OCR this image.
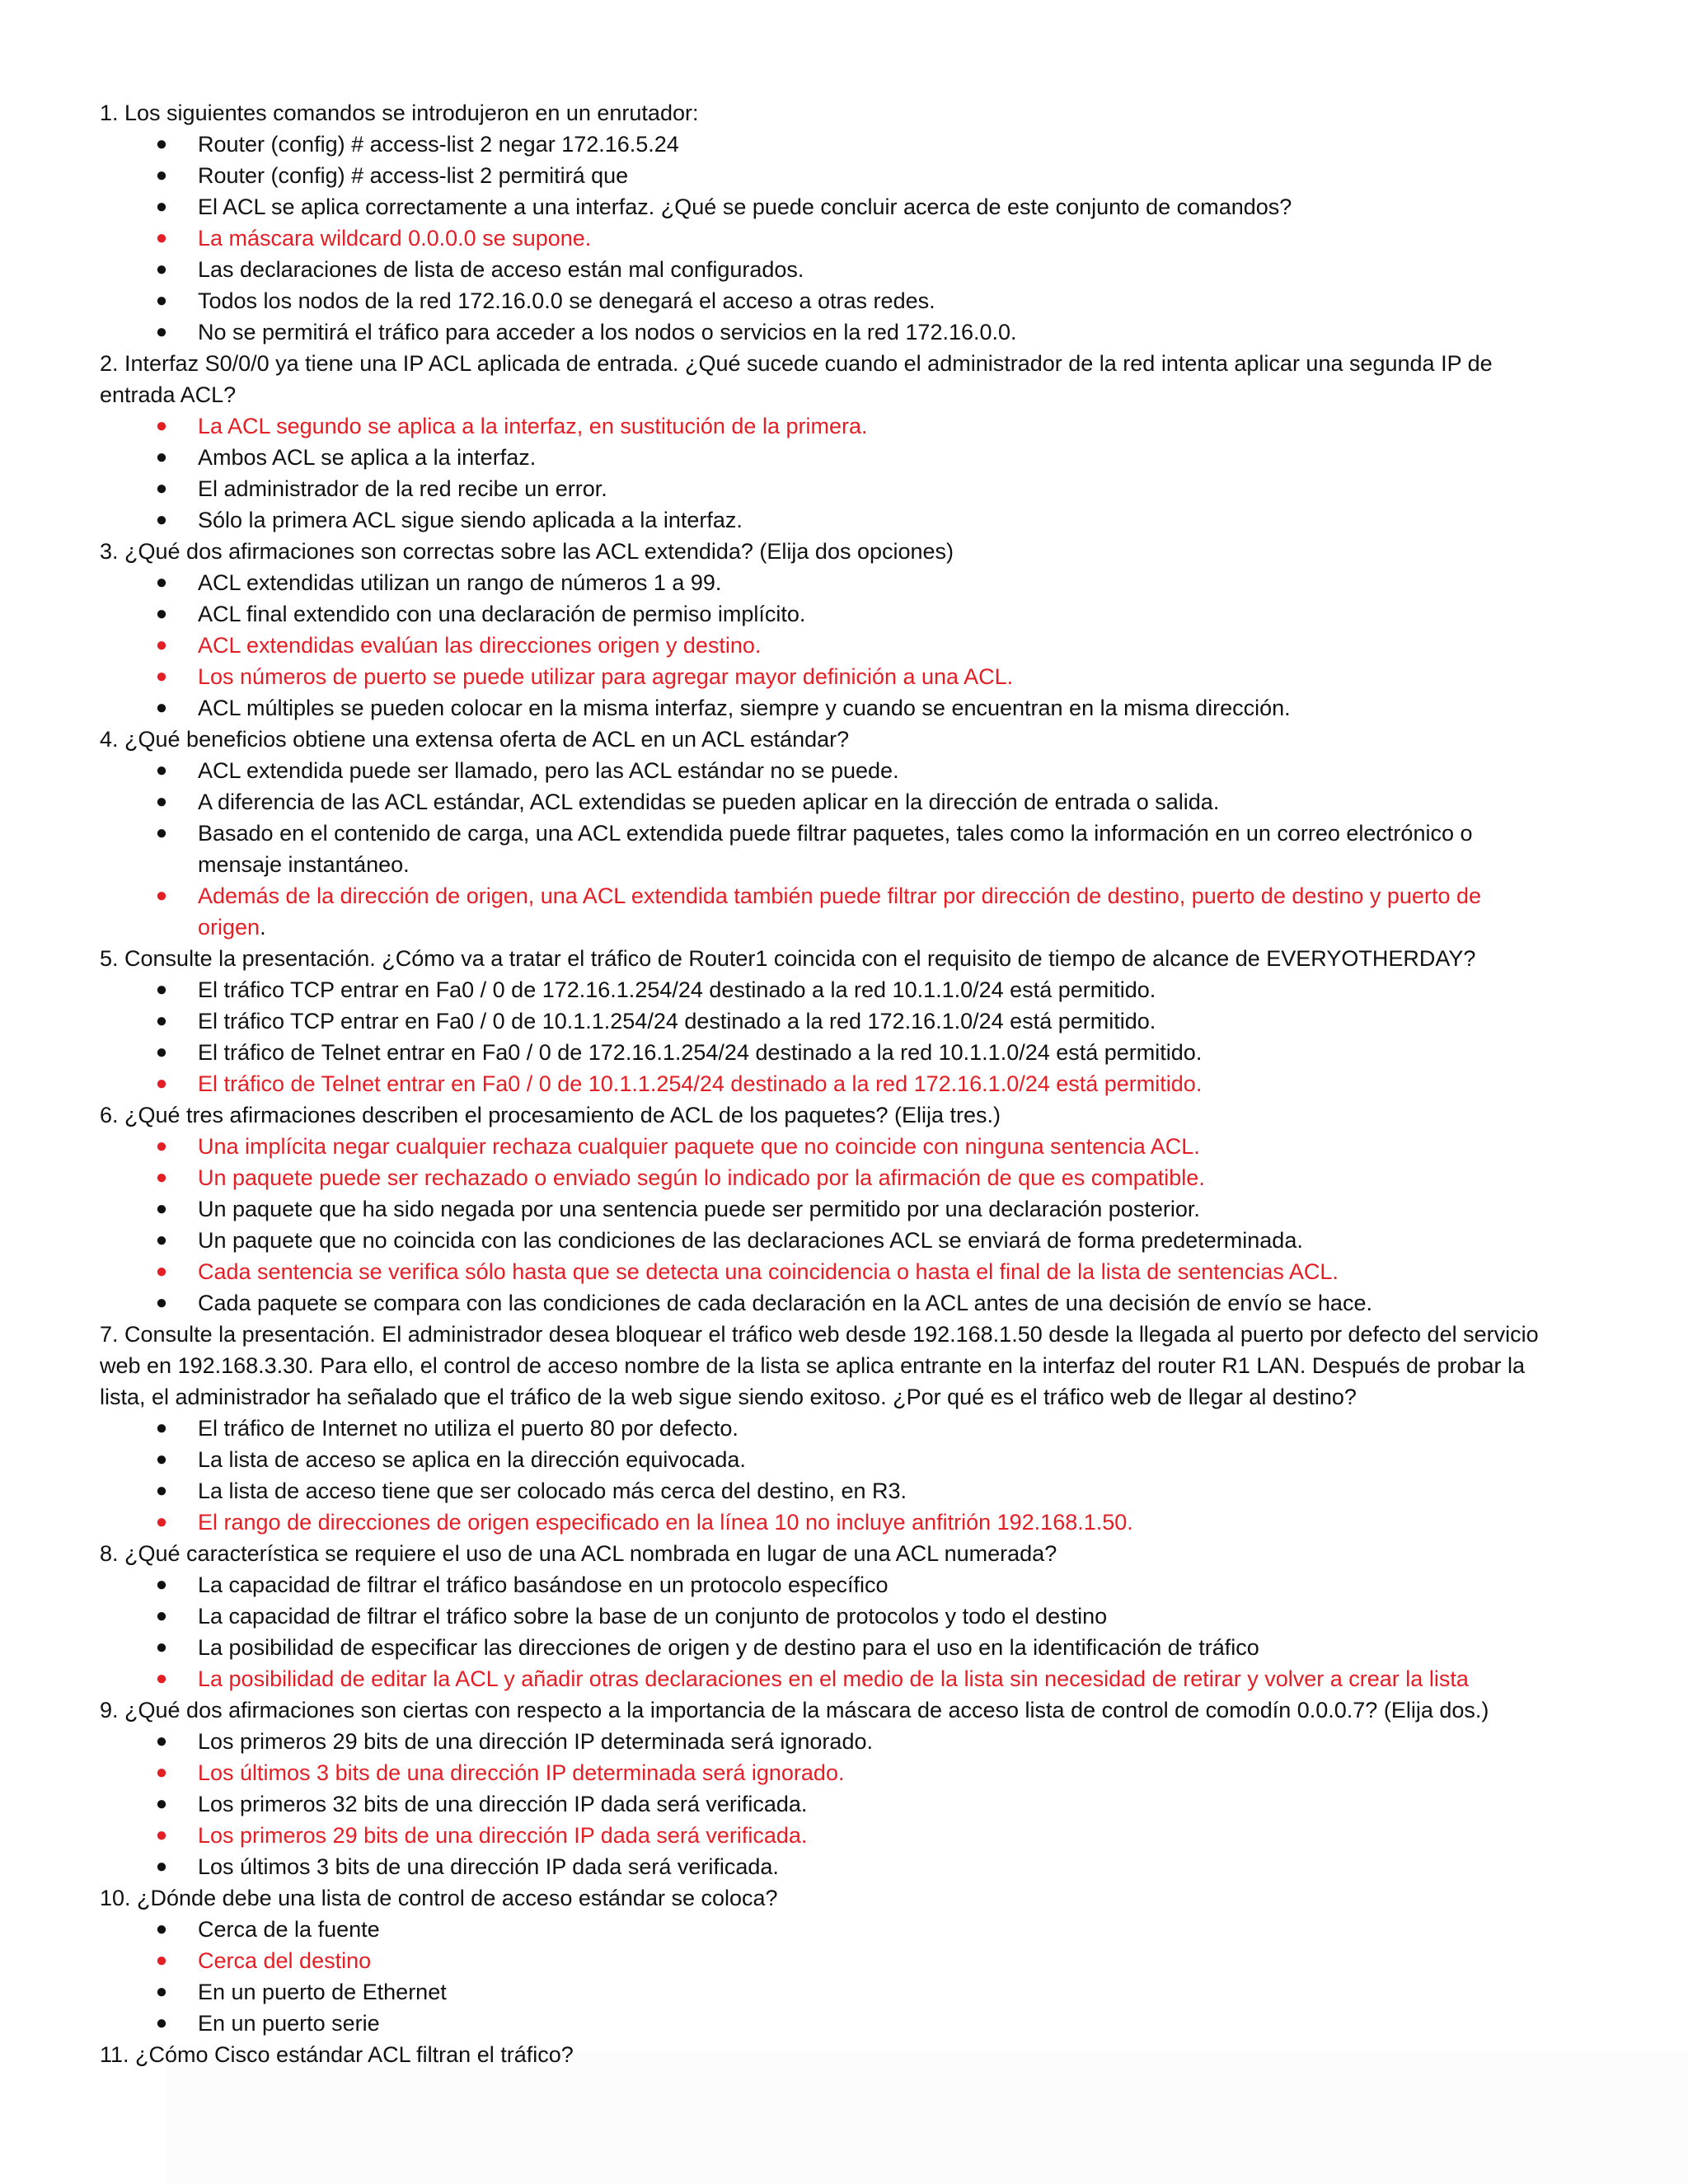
1. Los siguientes comandos se introdujeron en un enrutador:
● Router (config) # access-list 2 negar 172.16.5.24
● Router (config) # access-list 2 permitirá que
● El ACL se aplica correctamente a una interfaz. ¿Qué se puede concluir acerca de este conjunto de comandos?
● La máscara wildcard 0.0.0.0 se supone.
● Las declaraciones de lista de acceso están mal configurados.
● Todos los nodos de la red 172.16.0.0 se denegará el acceso a otras redes.
● No se permitirá el tráfico para acceder a los nodos o servicios en la red 172.16.0.0.
2. Interfaz S0/0/0 ya tiene una IP ACL aplicada de entrada. ¿Qué sucede cuando el administrador de la red intenta aplicar una segunda IP de
entrada ACL?
● La ACL segundo se aplica a la interfaz, en sustitución de la primera.
● Ambos ACL se aplica a la interfaz.
● El administrador de la red recibe un error.
● Sólo la primera ACL sigue siendo aplicada a la interfaz.
3. ¿Qué dos afirmaciones son correctas sobre las ACL extendida? (Elija dos opciones)
● ACL extendidas utilizan un rango de números 1 a 99.
● ACL final extendido con una declaración de permiso implícito.
● ACL extendidas evalúan las direcciones origen y destino.
● Los números de puerto se puede utilizar para agregar mayor definición a una ACL.
● ACL múltiples se pueden colocar en la misma interfaz, siempre y cuando se encuentran en la misma dirección.
4. ¿Qué beneficios obtiene una extensa oferta de ACL en un ACL estándar?
● ACL extendida puede ser llamado, pero las ACL estándar no se puede.
● A diferencia de las ACL estándar, ACL extendidas se pueden aplicar en la dirección de entrada o salida.
● Basado en el contenido de carga, una ACL extendida puede filtrar paquetes, tales como la información en un correo electrónico o
mensaje instantáneo.
● Además de la dirección de origen, una ACL extendida también puede filtrar por dirección de destino, puerto de destino y puerto de
origen.
5. Consulte la presentación. ¿Cómo va a tratar el tráfico de Router1 coincida con el requisito de tiempo de alcance de EVERYOTHERDAY?
● El tráfico TCP entrar en Fa0 / 0 de 172.16.1.254/24 destinado a la red 10.1.1.0/24 está permitido.
● El tráfico TCP entrar en Fa0 / 0 de 10.1.1.254/24 destinado a la red 172.16.1.0/24 está permitido.
● El tráfico de Telnet entrar en Fa0 / 0 de 172.16.1.254/24 destinado a la red 10.1.1.0/24 está permitido.
● El tráfico de Telnet entrar en Fa0 / 0 de 10.1.1.254/24 destinado a la red 172.16.1.0/24 está permitido.
6. ¿Qué tres afirmaciones describen el procesamiento de ACL de los paquetes? (Elija tres.)
● Una implícita negar cualquier rechaza cualquier paquete que no coincide con ninguna sentencia ACL.
● Un paquete puede ser rechazado o enviado según lo indicado por la afirmación de que es compatible.
● Un paquete que ha sido negada por una sentencia puede ser permitido por una declaración posterior.
● Un paquete que no coincida con las condiciones de las declaraciones ACL se enviará de forma predeterminada.
● Cada sentencia se verifica sólo hasta que se detecta una coincidencia o hasta el final de la lista de sentencias ACL.
● Cada paquete se compara con las condiciones de cada declaración en la ACL antes de una decisión de envío se hace.
7. Consulte la presentación. El administrador desea bloquear el tráfico web desde 192.168.1.50 desde la llegada al puerto por defecto del servicio
web en 192.168.3.30. Para ello, el control de acceso nombre de la lista se aplica entrante en la interfaz del router R1 LAN. Después de probar la
lista, el administrador ha señalado que el tráfico de la web sigue siendo exitoso. ¿Por qué es el tráfico web de llegar al destino?
● El tráfico de Internet no utiliza el puerto 80 por defecto.
● La lista de acceso se aplica en la dirección equivocada.
● La lista de acceso tiene que ser colocado más cerca del destino, en R3.
● El rango de direcciones de origen especificado en la línea 10 no incluye anfitrión 192.168.1.50.
8. ¿Qué característica se requiere el uso de una ACL nombrada en lugar de una ACL numerada?
● La capacidad de filtrar el tráfico basándose en un protocolo específico
● La capacidad de filtrar el tráfico sobre la base de un conjunto de protocolos y todo el destino
● La posibilidad de especificar las direcciones de origen y de destino para el uso en la identificación de tráfico
● La posibilidad de editar la ACL y añadir otras declaraciones en el medio de la lista sin necesidad de retirar y volver a crear la lista
9. ¿Qué dos afirmaciones son ciertas con respecto a la importancia de la máscara de acceso lista de control de comodín 0.0.0.7? (Elija dos.)
● Los primeros 29 bits de una dirección IP determinada será ignorado.
● Los últimos 3 bits de una dirección IP determinada será ignorado.
● Los primeros 32 bits de una dirección IP dada será verificada.
● Los primeros 29 bits de una dirección IP dada será verificada.
● Los últimos 3 bits de una dirección IP dada será verificada.
10. ¿Dónde debe una lista de control de acceso estándar se coloca?
● Cerca de la fuente
● Cerca del destino
● En un puerto de Ethernet
● En un puerto serie
11. ¿Cómo Cisco estándar ACL filtran el tráfico?
